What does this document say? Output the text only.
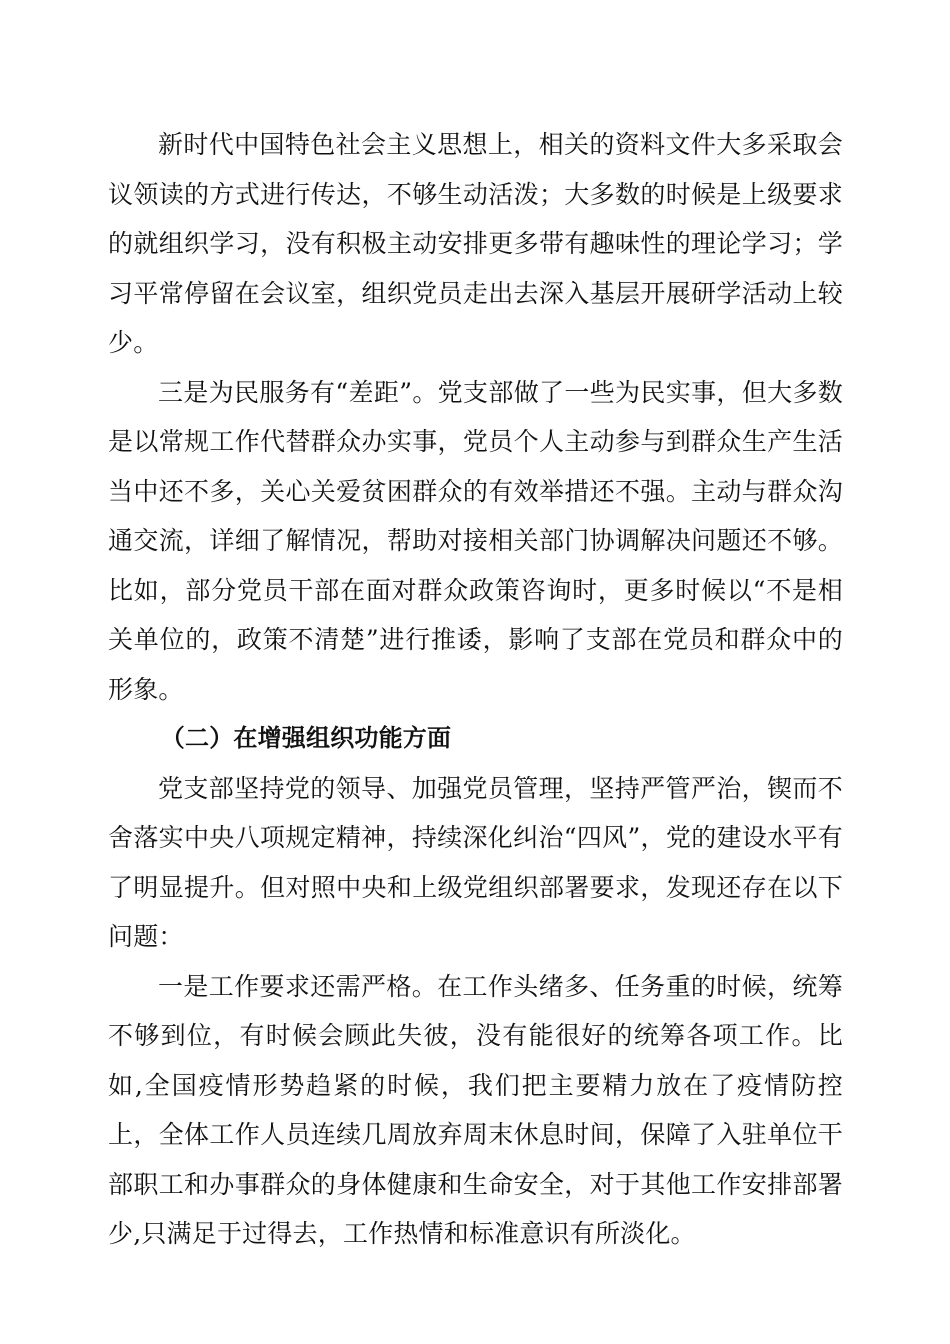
新时代中国特色社会主义思想上，相关的资料文件大多采取会议领读的方式进行传达，不够生动活泼；大多数的时候是上级要求的就组织学习，没有积极主动安排更多带有趣味性的理论学习；学习平常停留在会议室，组织党员走出去深入基层开展研学活动上较少。

三是为民服务有“差距”。党支部做了一些为民实事，但大多数是以常规工作代替群众办实事，党员个人主动参与到群众生产生活当中还不多，关心关爱贫困群众的有效举措还不强。主动与群众沟通交流，详细了解情况，帮助对接相关部门协调解决问题还不够。比如，部分党员干部在面对群众政策咨询时，更多时候以“不是相关单位的，政策不清楚”进行推诿，影响了支部在党员和群众中的形象。

（二）在增强组织功能方面

党支部坚持党的领导、加强党员管理，坚持严管严治，锲而不舍落实中央八项规定精神，持续深化纠治“四风”，党的建设水平有了明显提升。但对照中央和上级党组织部署要求，发现还存在以下问题：

一是工作要求还需严格。在工作头绪多、任务重的时候，统筹不够到位，有时候会顾此失彼，没有能很好的统筹各项工作。比如,全国疫情形势趋紧的时候，我们把主要精力放在了疫情防控上，全体工作人员连续几周放弃周末休息时间，保障了入驻单位干部职工和办事群众的身体健康和生命安全，对于其他工作安排部署少,只满足于过得去，工作热情和标准意识有所淡化。
